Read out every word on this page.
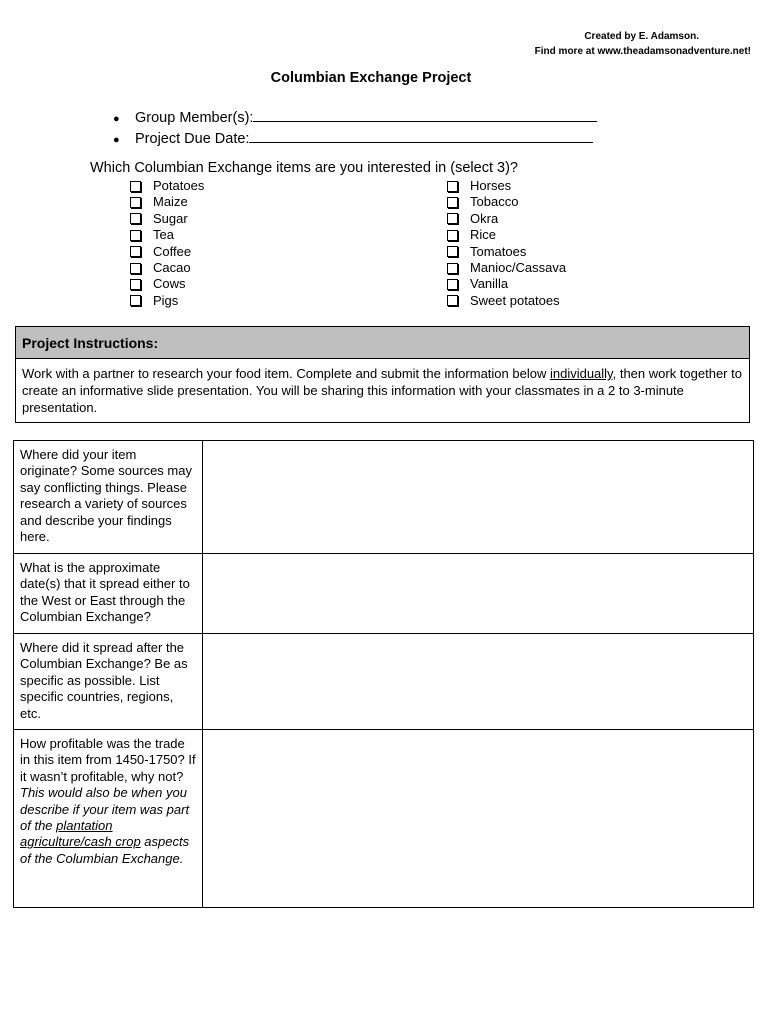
Created by E. Adamson.
Find more at www.theadamsonadventure.net!
Columbian Exchange Project
●	Group Member(s):
●	Project Due Date:
Which Columbian Exchange items are you interested in (select 3)?
Potatoes
Maize
Sugar
Tea
Coffee
Cacao
Cows
Pigs
Horses
Tobacco
Okra
Rice
Tomatoes
Manioc/Cassava
Vanilla
Sweet potatoes
Project Instructions:
Work with a partner to research your food item. Complete and submit the information below individually, then work together to create an informative slide presentation. You will be sharing this information with your classmates in a 2 to 3-minute presentation.
Where did your item originate? Some sources may say conflicting things. Please research a variety of sources and describe your findings here.	
What is the approximate date(s) that it spread either to the West or East through the Columbian Exchange?	
Where did it spread after the Columbian Exchange? Be as specific as possible. List specific countries, regions, etc.	
How profitable was the trade in this item from 1450-1750? If it wasn’t profitable, why not?
This would also be when you describe if your item was part of the plantation agriculture/cash crop aspects of the Columbian Exchange.	
